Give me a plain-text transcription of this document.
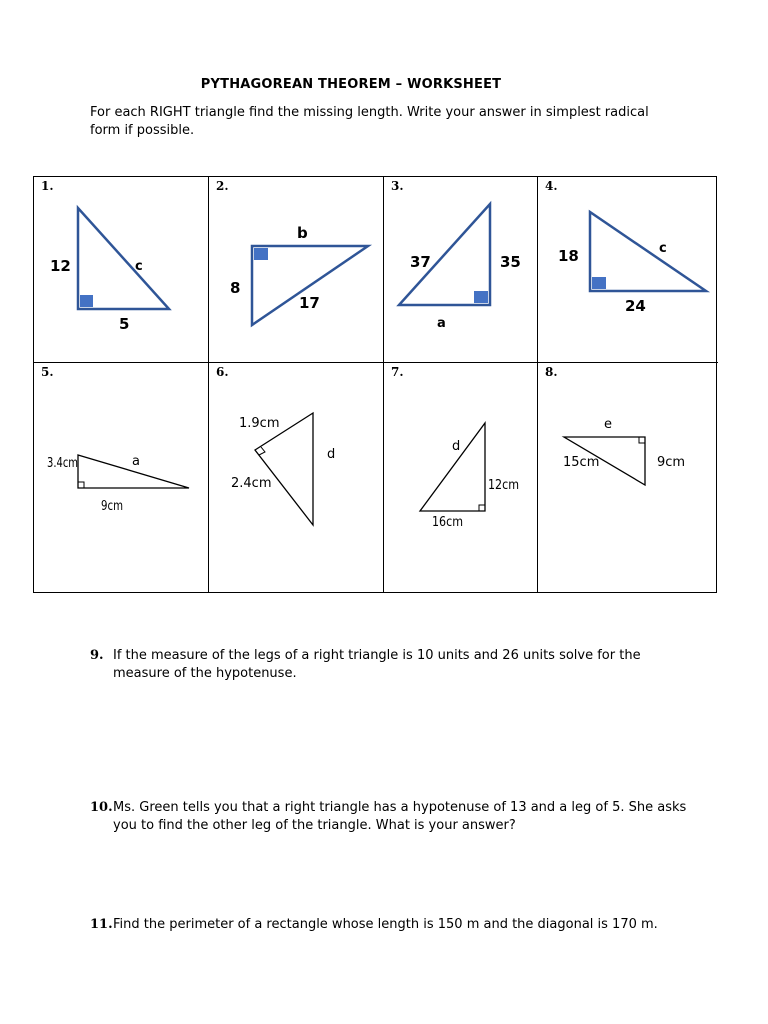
PYTHAGOREAN THEOREM – WORKSHEET
For each RIGHT triangle find the missing length. Write your answer in simplest radical form if possible.
1.
12	c
5
2.
b
8
17
3.
37	35
a
4.
18	c
24
5.
3.4cm	a
9cm
6.
1.9cm
d
2.4cm
7.
d
12cm
16cm
8.
e
15cm	9cm
9. If the measure of the legs of a right triangle is 10 units and 26 units solve for the measure of the hypotenuse.
10. Ms. Green tells you that a right triangle has a hypotenuse of 13 and a leg of 5. She asks you to find the other leg of the triangle. What is your answer?
11. Find the perimeter of a rectangle whose length is 150 m and the diagonal is 170 m.
